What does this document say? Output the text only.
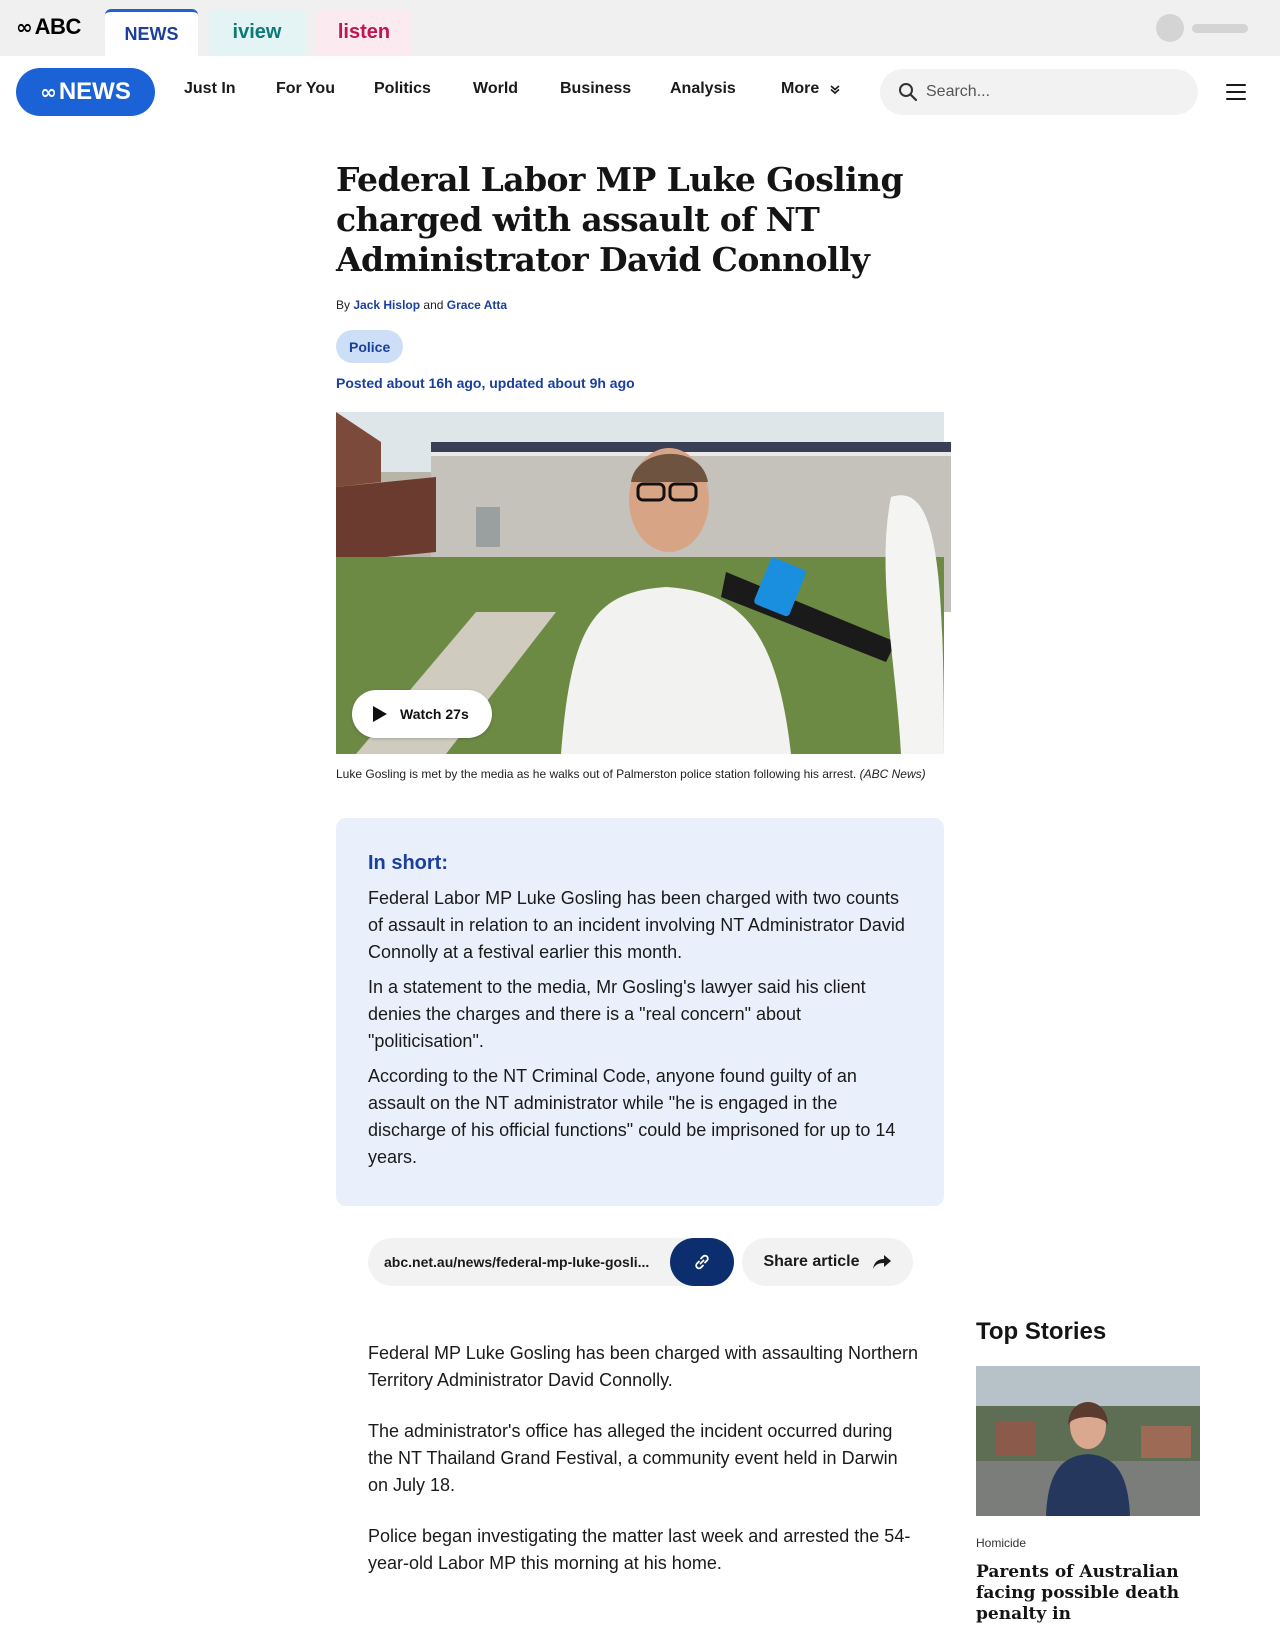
∞ ABC	NEWS	iview	listen
∞ NEWS	Just In	For You Politics	World	Business Analysis	More	Search...
Federal Labor MP Luke Gosling charged with assault of NT Administrator David Connolly
By Jack Hislop and Grace Atta
Police
Posted about 16h ago, updated about 9h ago
Watch 27s
Luke Gosling is met by the media as he walks out of Palmerston police station following his arrest. (ABC News)
In short:

Federal Labor MP Luke Gosling has been charged with two counts of assault in relation to an incident involving NT Administrator David Connolly at a festival earlier this month.

In a statement to the media, Mr Gosling's lawyer said his client denies the charges and there is a "real concern" about "politicisation".

According to the NT Criminal Code, anyone found guilty of an assault on the NT administrator while "he is engaged in the discharge of his official functions" could be imprisoned for up to 14 years.

abc.net.au/news/federal-mp-luke-gosli...	Share article

Federal MP Luke Gosling has been charged with assaulting Northern Territory Administrator David Connolly.

The administrator's office has alleged the incident occurred during the NT Thailand Grand Festival, a community event held in Darwin on July 18.

Police began investigating the matter last week and arrested the 54-year-old Labor MP this morning at his home.

Top Stories
Homicide
Parents of Australian facing possible death penalty in
